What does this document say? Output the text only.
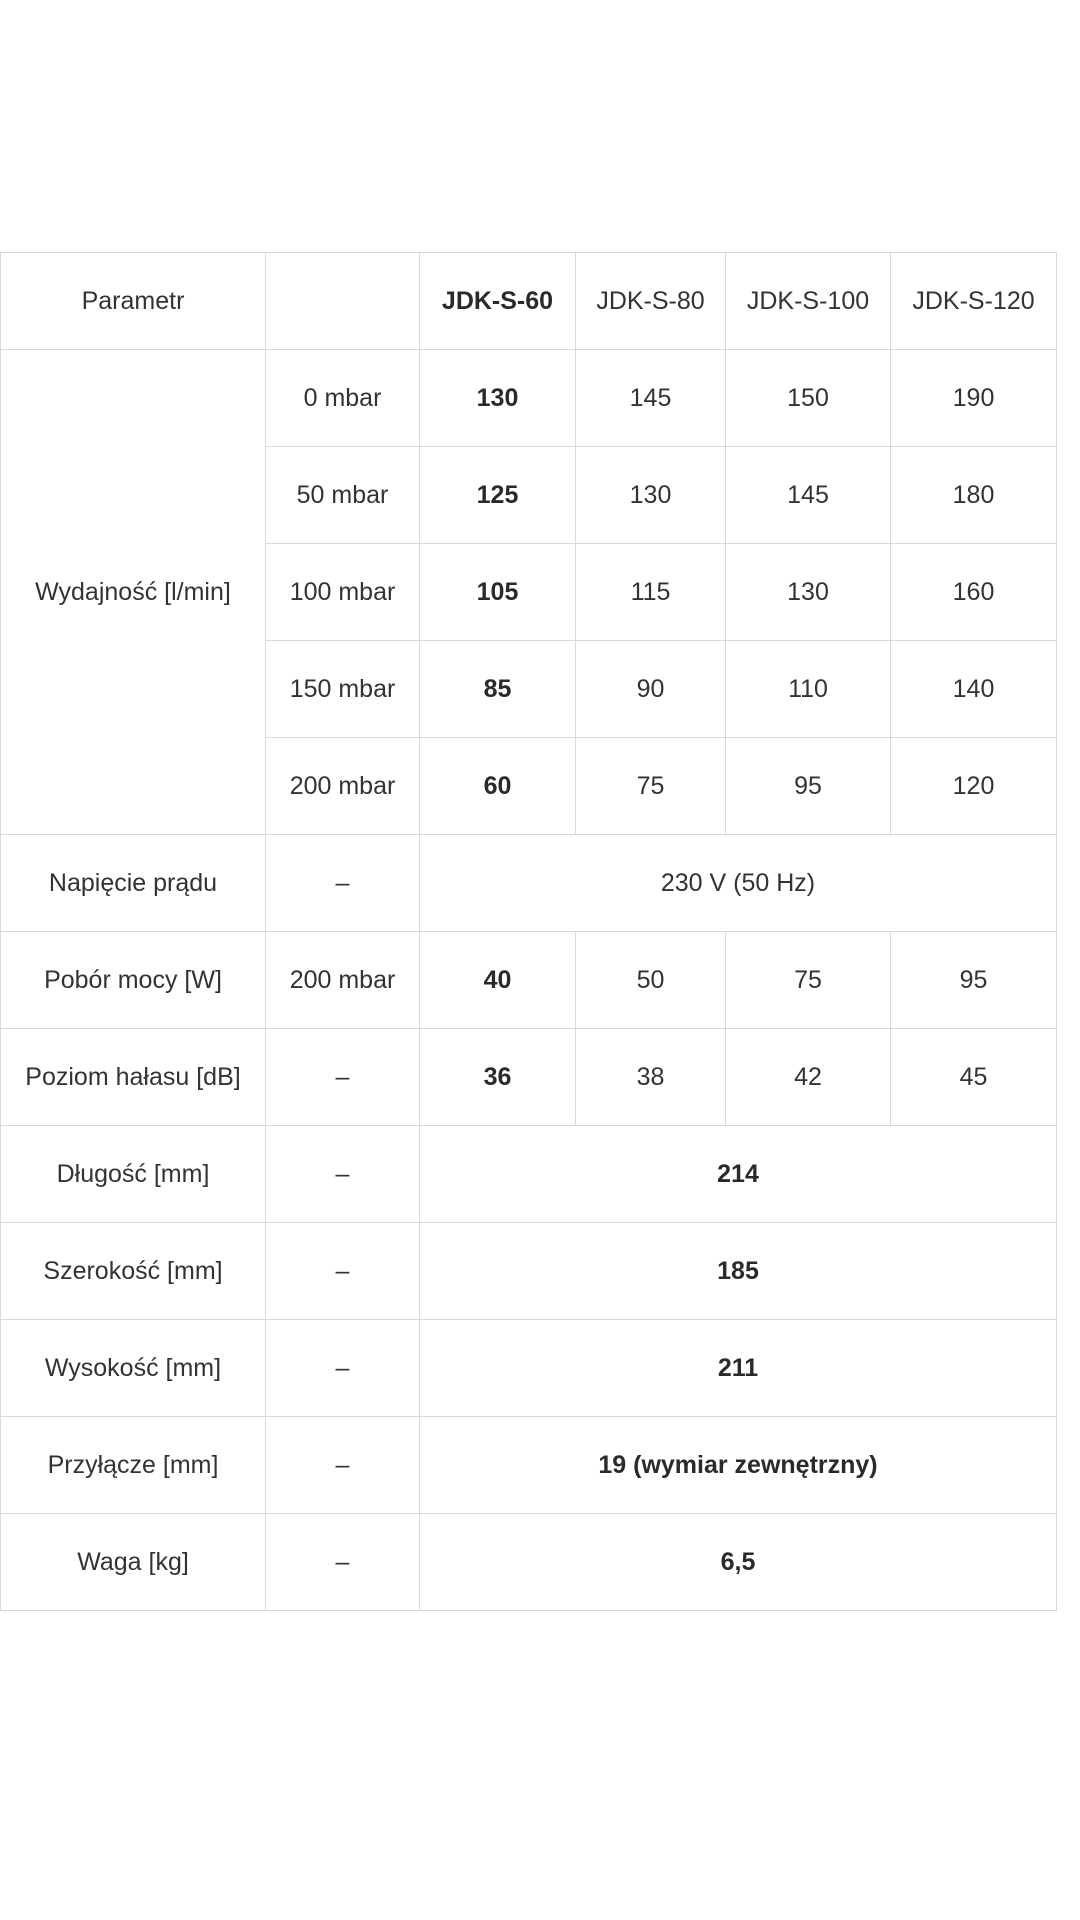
Parametr		JDK-S-60	JDK-S-80	JDK-S-100	JDK-S-120
Wydajność [l/min]	0 mbar	130	145	150	190
	50 mbar	125	130	145	180
	100 mbar	105	115	130	160
	150 mbar	85	90	110	140
	200 mbar	60	75	95	120
Napięcie prądu	–	230 V (50 Hz)			
Pobór mocy [W]	200 mbar	40	50	75	95
Poziom hałasu [dB]	–	36	38	42	45
Długość [mm]	–	214			
Szerokość [mm]	–	185			
Wysokość [mm]	–	211			
Przyłącze [mm]	–	19 (wymiar zewnętrzny)			
Waga [kg]	–	6,5			
